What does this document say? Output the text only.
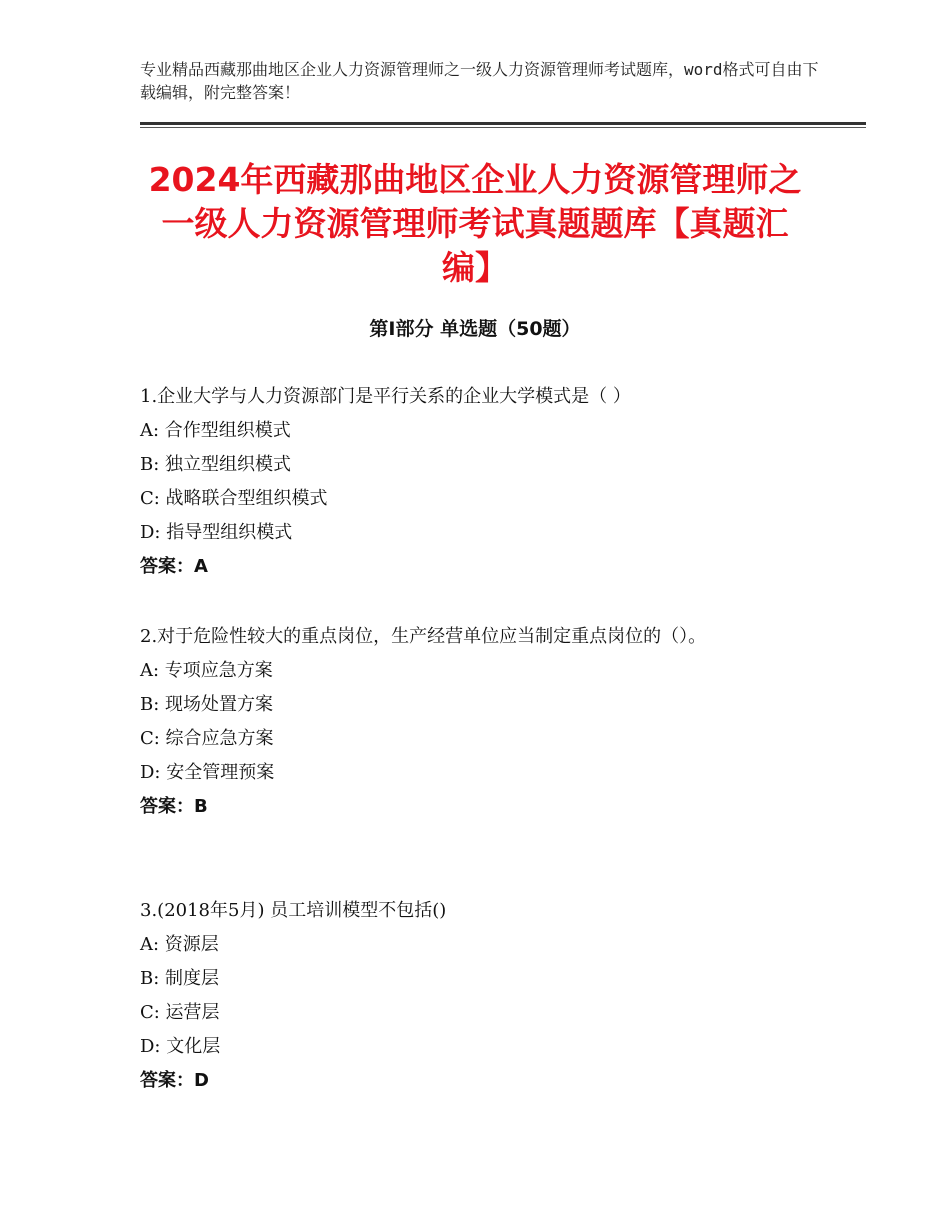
专业精品西藏那曲地区企业人力资源管理师之一级人力资源管理师考试题库，word格式可自由下载编辑，附完整答案！
2024年西藏那曲地区企业人力资源管理师之一级人力资源管理师考试真题题库【真题汇编】
第Ⅰ部分 单选题（50题）

1.企业大学与人力资源部门是平行关系的企业大学模式是（ ）

A: 合作型组织模式

B: 独立型组织模式

C: 战略联合型组织模式

D: 指导型组织模式

答案：A

2.对于危险性较大的重点岗位，生产经营单位应当制定重点岗位的（）。

A: 专项应急方案

B: 现场处置方案

C: 综合应急方案

D: 安全管理预案

答案：B

3.(2018年5月) 员工培训模型不包括()

A: 资源层

B: 制度层

C: 运营层

D: 文化层

答案：D
